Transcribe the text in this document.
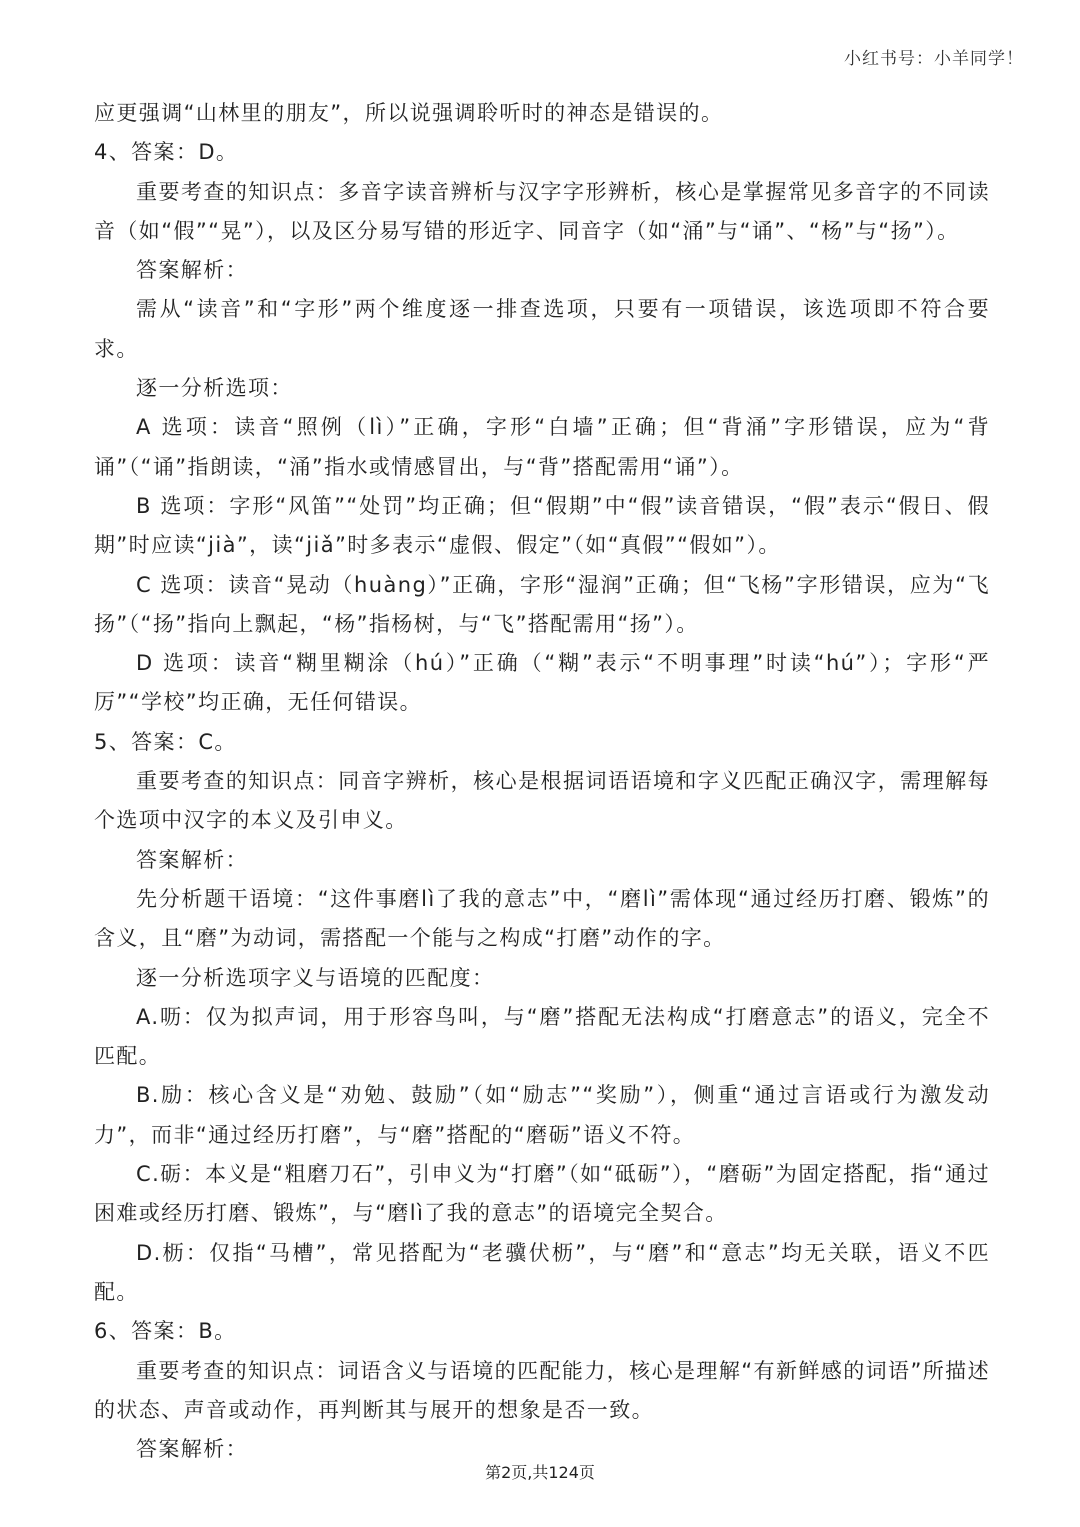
小红书号：小羊同学！

应更强调“山林里的朋友”，所以说强调聆听时的神态是错误的。

4、答案：D。

重要考查的知识点：多音字读音辨析与汉字字形辨析，核心是掌握常见多音字的不同读音（如“假”“晃”），以及区分易写错的形近字、同音字（如“涌”与“诵”、“杨”与“扬”）。

答案解析：

需从“读音”和“字形”两个维度逐一排查选项，只要有一项错误，该选项即不符合要求。

逐一分析选项：

A 选项：读音“照例（lì）”正确，字形“白墙”正确；但“背涌”字形错误，应为“背诵”（“诵”指朗读，“涌”指水或情感冒出，与“背”搭配需用“诵”）。

B 选项：字形“风笛”“处罚”均正确；但“假期”中“假”读音错误，“假”表示“假日、假期”时应读“jià”，读“jiǎ”时多表示“虚假、假定”（如“真假”“假如”）。

C 选项：读音“晃动（huàng）”正确，字形“湿润”正确；但“飞杨”字形错误，应为“飞扬”（“扬”指向上飘起，“杨”指杨树，与“飞”搭配需用“扬”）。

D 选项：读音“糊里糊涂（hú）”正确（“糊”表示“不明事理”时读“hú”）；字形“严厉”“学校”均正确，无任何错误。

5、答案：C。

重要考查的知识点：同音字辨析，核心是根据词语语境和字义匹配正确汉字，需理解每个选项中汉字的本义及引申义。

答案解析：

先分析题干语境：“这件事磨lì了我的意志”中，“磨lì”需体现“通过经历打磨、锻炼”的含义，且“磨”为动词，需搭配一个能与之构成“打磨”动作的字。

逐一分析选项字义与语境的匹配度：

A.呖：仅为拟声词，用于形容鸟叫，与“磨”搭配无法构成“打磨意志”的语义，完全不匹配。

B.励：核心含义是“劝勉、鼓励”（如“励志”“奖励”），侧重“通过言语或行为激发动力”，而非“通过经历打磨”，与“磨”搭配的“磨砺”语义不符。

C.砺：本义是“粗磨刀石”，引申义为“打磨”（如“砥砺”），“磨砺”为固定搭配，指“通过困难或经历打磨、锻炼”，与“磨lì了我的意志”的语境完全契合。

D.枥：仅指“马槽”，常见搭配为“老骥伏枥”，与“磨”和“意志”均无关联，语义不匹配。

6、答案：B。

重要考查的知识点：词语含义与语境的匹配能力，核心是理解“有新鲜感的词语”所描述的状态、声音或动作，再判断其与展开的想象是否一致。

答案解析：

第2页,共124页
